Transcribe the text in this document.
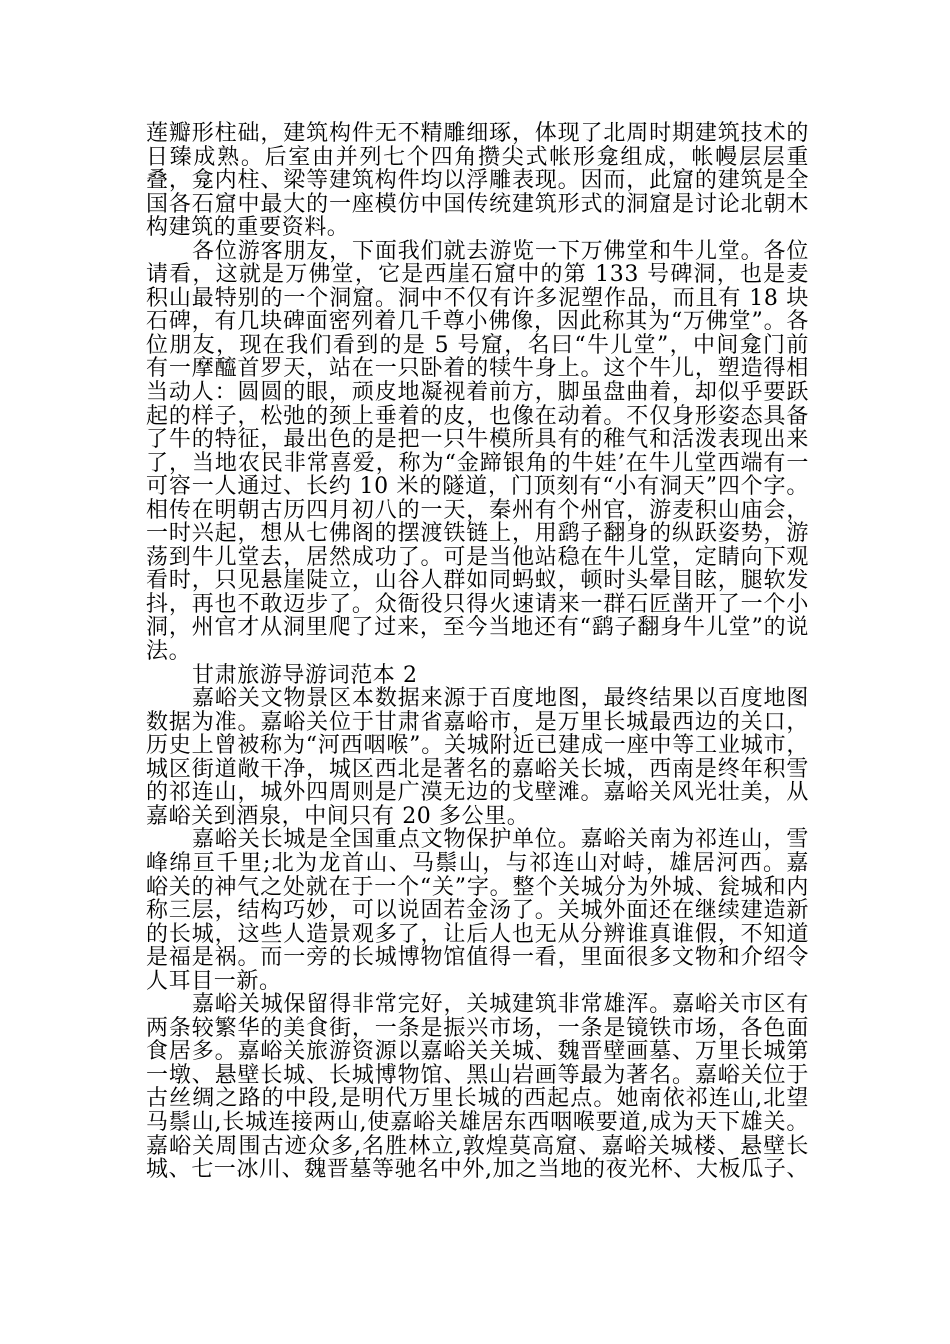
莲瓣形柱础，建筑构件无不精雕细琢，体现了北周时期建筑技术的日臻成熟。后室由并列七个四角攒尖式帐形龛组成，帐幔层层重叠，龛内柱、梁等建筑构件均以浮雕表现。因而，此窟的建筑是全国各石窟中最大的一座模仿中国传统建筑形式的洞窟是讨论北朝木构建筑的重要资料。

各位游客朋友，下面我们就去游览一下万佛堂和牛儿堂。各位请看，这就是万佛堂，它是西崖石窟中的第 133 号碑洞，也是麦积山最特别的一个洞窟。洞中不仅有许多泥塑作品，而且有 18 块石碑，有几块碑面密列着几千尊小佛像，因此称其为“万佛堂”。各位朋友，现在我们看到的是 5 号窟，名曰“牛儿堂”，中间龛门前有一摩醯首罗天，站在一只卧着的犊牛身上。这个牛儿，塑造得相当动人：圆圆的眼，顽皮地凝视着前方，脚虽盘曲着，却似乎要跃起的样子，松弛的颈上垂着的皮，也像在动着。不仅身形姿态具备了牛的特征，最出色的是把一只牛模所具有的稚气和活泼表现出来了，当地农民非常喜爱，称为“金蹄银角的牛娃’在牛儿堂西端有一可容一人通过、长约 10 米的隧道，门顶刻有“小有洞天”四个字。相传在明朝古历四月初八的一天，秦州有个州官，游麦积山庙会，一时兴起，想从七佛阁的摆渡铁链上，用鹞子翻身的纵跃姿势，游荡到牛儿堂去，居然成功了。可是当他站稳在牛儿堂，定睛向下观看时，只见悬崖陡立，山谷人群如同蚂蚁，顿时头晕目眩，腿软发抖，再也不敢迈步了。众衙役只得火速请来一群石匠凿开了一个小洞，州官才从洞里爬了过来，至今当地还有“鹞子翻身牛儿堂”的说法。

甘肃旅游导游词范本 2

嘉峪关文物景区本数据来源于百度地图，最终结果以百度地图数据为准。嘉峪关位于甘肃省嘉峪市，是万里长城最西边的关口，历史上曾被称为“河西咽喉”。关城附近已建成一座中等工业城市，城区街道敞干净，城区西北是著名的嘉峪关长城，西南是终年积雪的祁连山，城外四周则是广漠无边的戈壁滩。嘉峪关风光壮美，从嘉峪关到酒泉，中间只有 20 多公里。

嘉峪关长城是全国重点文物保护单位。嘉峪关南为祁连山，雪峰绵亘千里;北为龙首山、马鬃山，与祁连山对峙，雄居河西。嘉峪关的神气之处就在于一个“关”字。整个关城分为外城、瓮城和内称三层，结构巧妙，可以说固若金汤了。关城外面还在继续建造新的长城，这些人造景观多了，让后人也无从分辨谁真谁假，不知道是福是祸。而一旁的长城博物馆值得一看，里面很多文物和介绍令人耳目一新。

嘉峪关城保留得非常完好，关城建筑非常雄浑。嘉峪关市区有两条较繁华的美食街，一条是振兴市场，一条是镜铁市场，各色面食居多。嘉峪关旅游资源以嘉峪关关城、魏晋壁画墓、万里长城第一墩、悬壁长城、长城博物馆、黑山岩画等最为著名。嘉峪关位于古丝绸之路的中段,是明代万里长城的西起点。她南依祁连山,北望马鬃山,长城连接两山,使嘉峪关雄居东西咽喉要道,成为天下雄关。嘉峪关周围古迹众多,名胜林立,敦煌莫高窟、嘉峪关城楼、悬壁长城、七一冰川、魏晋墓等驰名中外,加之当地的夜光杯、大板瓜子、
